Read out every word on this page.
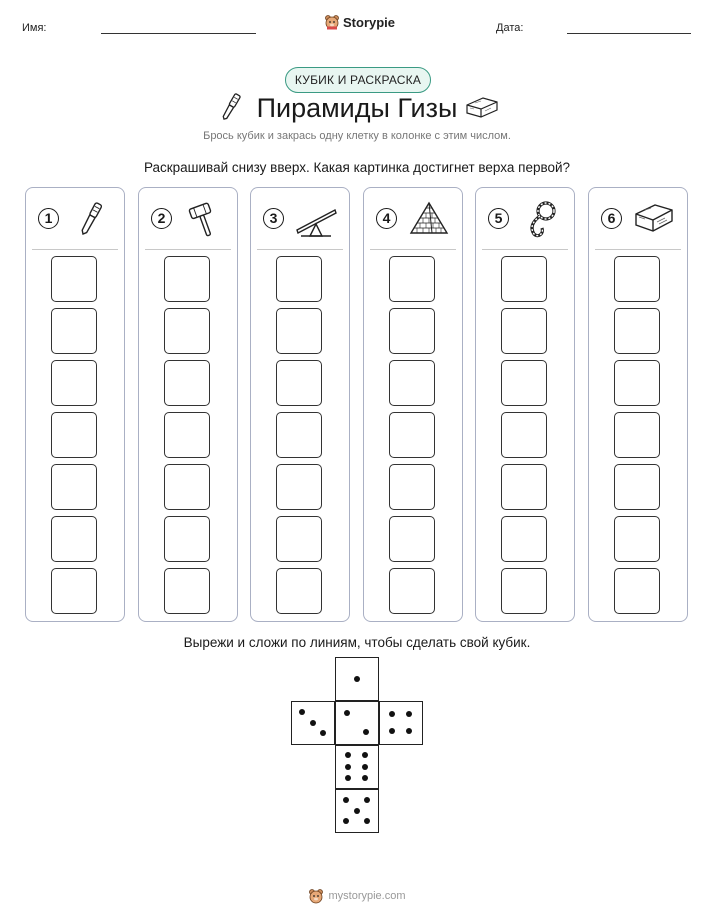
Имя:	Storypie	Дата:
КУБИК И РАСКРАСКА
Пирамиды Гизы
Брось кубик и закрась одну клетку в колонке с этим числом.
Раскрашивай снизу вверх. Какая картинка достигнет верха первой?
1	2	3	4	5	6
Вырежи и сложи по линиям, чтобы сделать свой кубик.
mystorypie.com
